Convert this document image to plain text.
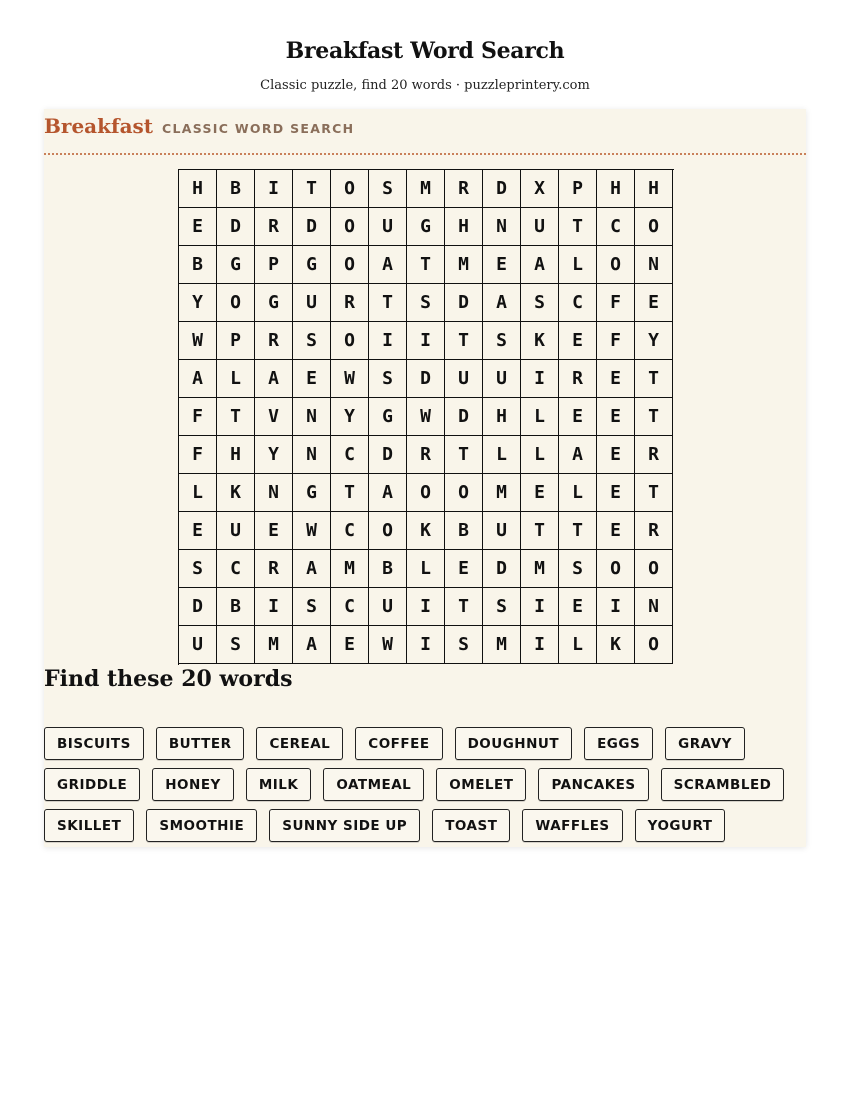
Breakfast Word Search
Classic puzzle, find 20 words · puzzleprintery.com
Breakfast CLASSIC WORD SEARCH
H	B	I	T	O	S	M	R	D	X	P	H	H
E	D	R	D	O	U	G	H	N	U	T	C	O
B	G	P	G	O	A	T	M	E	A	L	O	N
Y	O	G	U	R	T	S	D	A	S	C	F	E
W	P	R	S	O	I	I	T	S	K	E	F	Y
A	L	A	E	W	S	D	U	U	I	R	E	T
F	T	V	N	Y	G	W	D	H	L	E	E	T
F	H	Y	N	C	D	R	T	L	L	A	E	R
L	K	N	G	T	A	O	O	M	E	L	E	T
E	U	E	W	C	O	K	B	U	T	T	E	R
S	C	R	A	M	B	L	E	D	M	S	O	O
D	B	I	S	C	U	I	T	S	I	E	I	N
U	S	M	A	E	W	I	S	M	I	L	K	O
Find these 20 words
BISCUITS	BUTTER	CEREAL	COFFEE	DOUGHNUT	EGGS	GRAVY
GRIDDLE	HONEY	MILK	OATMEAL	OMELET	PANCAKES	SCRAMBLED
SKILLET	SMOOTHIE	SUNNY SIDE UP	TOAST	WAFFLES	YOGURT
